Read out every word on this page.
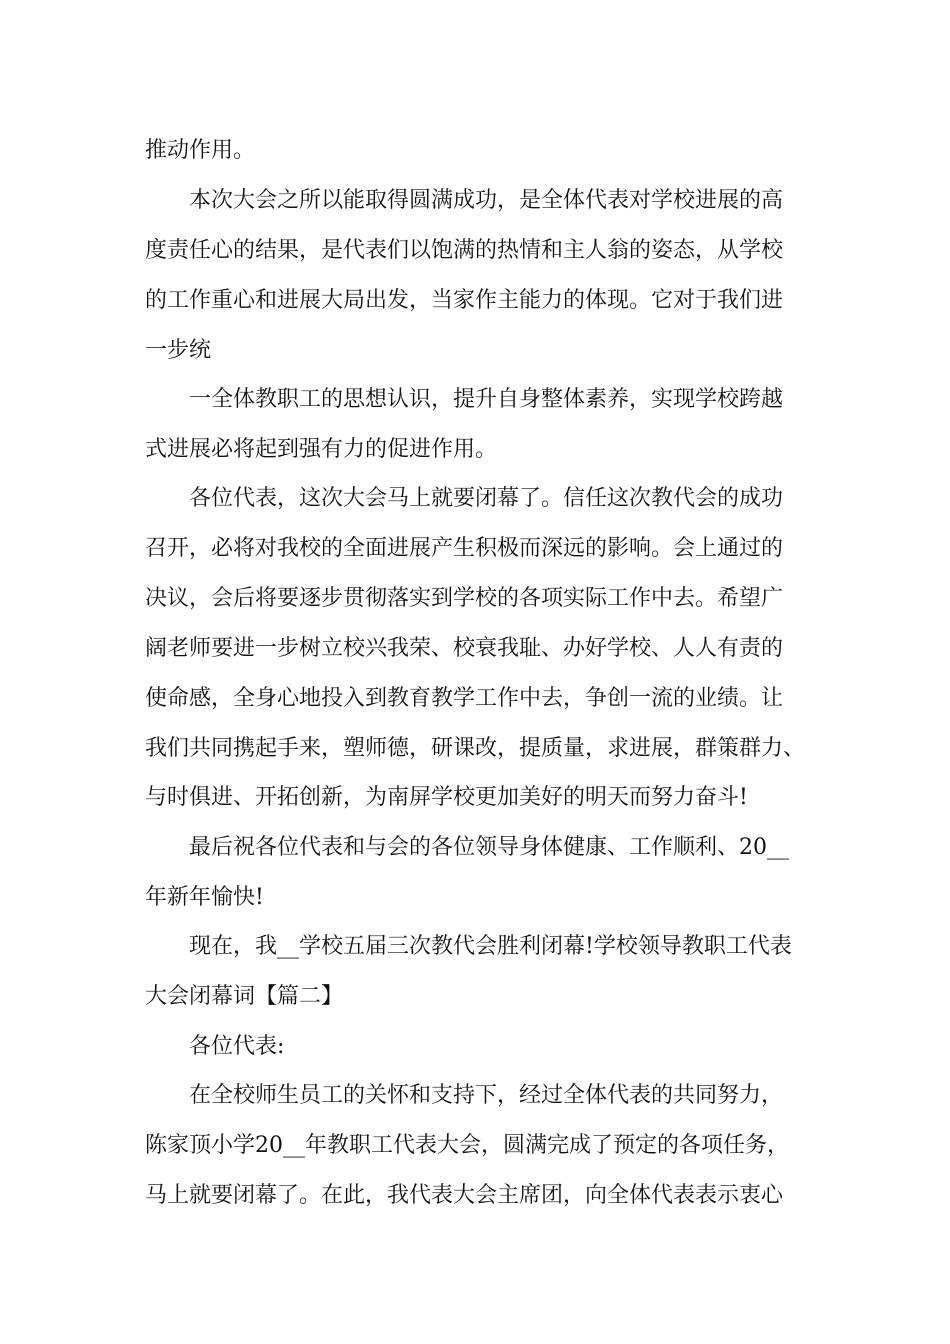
推动作用。
　　本次大会之所以能取得圆满成功，是全体代表对学校进展的高
度责任心的结果，是代表们以饱满的热情和主人翁的姿态，从学校
的工作重心和进展大局出发，当家作主能力的体现。它对于我们进
一步统
　　一全体教职工的思想认识，提升自身整体素养，实现学校跨越
式进展必将起到强有力的促进作用。
　　各位代表，这次大会马上就要闭幕了。信任这次教代会的成功
召开，必将对我校的全面进展产生积极而深远的影响。会上通过的
决议，会后将要逐步贯彻落实到学校的各项实际工作中去。希望广
阔老师要进一步树立校兴我荣、校衰我耻、办好学校、人人有责的
使命感，全身心地投入到教育教学工作中去，争创一流的业绩。让
我们共同携起手来，塑师德，研课改，提质量，求进展，群策群力、
与时俱进、开拓创新，为南屏学校更加美好的明天而努力奋斗!
　　最后祝各位代表和与会的各位领导身体健康、工作顺利、20__
年新年愉快!
　　现在，我__学校五届三次教代会胜利闭幕!学校领导教职工代表
大会闭幕词【篇二】
　　各位代表:
　　在全校师生员工的关怀和支持下，经过全体代表的共同努力，
陈家顶小学20__年教职工代表大会，圆满完成了预定的各项任务，
马上就要闭幕了。在此，我代表大会主席团，向全体代表表示衷心
